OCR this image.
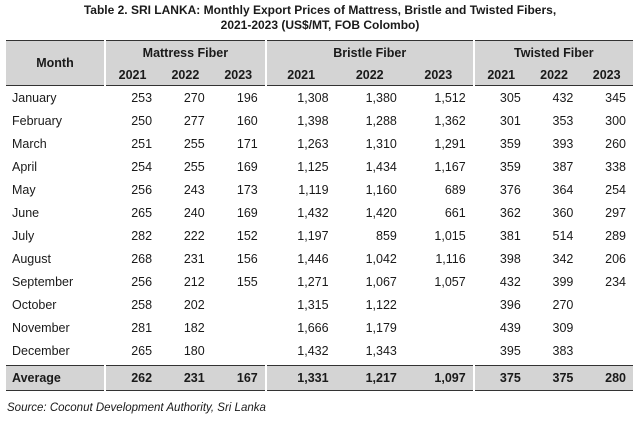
Table 2. SRI LANKA: Monthly Export Prices of Mattress, Bristle and Twisted Fibers,
2021-2023 (US$/MT, FOB Colombo)
Month	Mattress Fiber			Bristle Fiber			Twisted Fiber		
	2021	2022	2023	2021	2022	2023	2021	2022	2023
January	253	270	196	1,308	1,380	1,512	305	432	345
February	250	277	160	1,398	1,288	1,362	301	353	300
March	251	255	171	1,263	1,310	1,291	359	393	260
April	254	255	169	1,125	1,434	1,167	359	387	338
May	256	243	173	1,119	1,160	689	376	364	254
June	265	240	169	1,432	1,420	661	362	360	297
July	282	222	152	1,197	859	1,015	381	514	289
August	268	231	156	1,446	1,042	1,116	398	342	206
September	256	212	155	1,271	1,067	1,057	432	399	234
October	258	202		1,315	1,122		396	270	
November	281	182		1,666	1,179		439	309	
December	265	180		1,432	1,343		395	383	
Average	262	231	167	1,331	1,217	1,097	375	375	280
Source: Coconut Development Authority, Sri Lanka
